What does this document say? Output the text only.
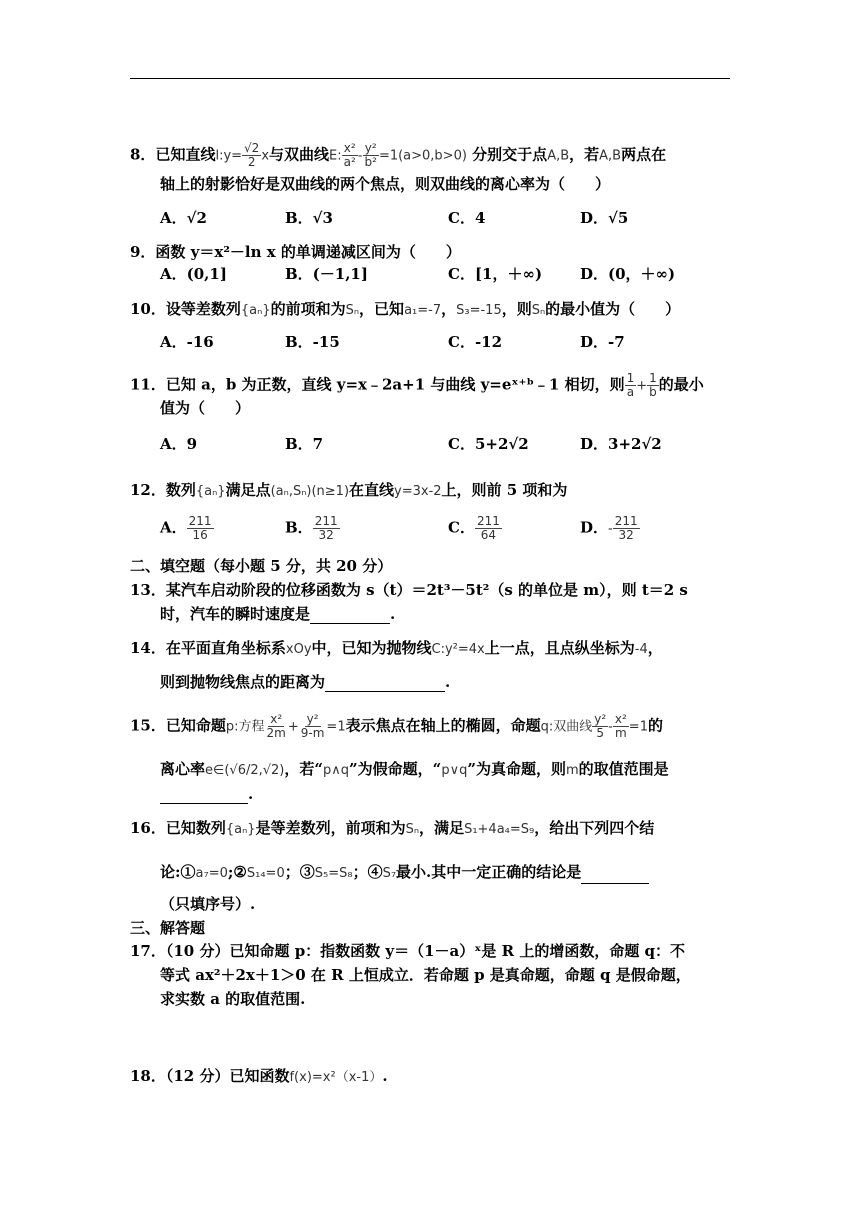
8．已知直线l:y= $\frac{√2}{2}$ x与双曲线E: $\frac{\text{x²}}{\text{a²}} - \frac{\text{y²}}{\text{b²}} =1(a>0,b>0)$ 分别交于点A,B，若A,B两点在
轴上的射影恰好是双曲线的两个焦点，则双曲线的离心率为（　　）
A．√2	B．√3	C．4	D．√5
9．函数 y＝x²－ln x 的单调递减区间为（　　）
A．(0,1]	B．(－1,1]	C．[1，＋∞)	D．(0，＋∞)
10．设等差数列{aₙ}的前项和为Sₙ，已知a₁=-7，S₃=-15，则Sₙ的最小值为（　　）
A．-16	B．-15	C．-12	D．-7
11．已知 a，b 为正数，直线 y=x﹣2a+1 与曲线 y=eˣ⁺ᵇ﹣1 相切，则 $\frac{1}{a} + \frac{1}{b}$ 的最小
值为（　　）
A．9	B．7	C．5+2√2	D．3+2√2
12．数列{aₙ}满足点(aₙ,Sₙ)(n≥1)在直线y=3x-2上，则前 5 项和为
A． $\frac{211}{16}$	B． $\frac{211}{32}$	C． $\frac{211}{64}$	D．- $\frac{211}{32}$
二、填空题（每小题 5 分，共 20 分）
13．某汽车启动阶段的位移函数为 s（t）＝2t³－5t²（s 的单位是 m），则 t＝2 s
时，汽车的瞬时速度是	.
14．在平面直角坐标系xOy中，已知为抛物线C:y²=4x上一点，且点纵坐标为-4，
则到抛物线焦点的距离为	.
15．已知命题p:方程 $\frac{\text{x²}}{2m} + \frac{\text{y²}}{9-m} =1$表示焦点在轴上的椭圆，命题q:双曲线 $\frac{\text{y²}}{5} - \frac{\text{x²}}{m} =1$的
离心率e∈(√6/2,√2)，若“p∧q”为假命题，“p∨q”为真命题，则m的取值范围是
.
16．已知数列{aₙ}是等差数列，前项和为Sₙ，满足S₁+4a₄=S₉，给出下列四个结
论:①a₇=0;②S₁₄=0；③S₅=S₈；④S₇最小.其中一定正确的结论是
（只填序号）.
三、解答题
17．（10 分）已知命题 p：指数函数 y＝（1－a）ˣ是 R 上的增函数，命题 q：不
等式 ax²＋2x＋1＞0 在 R 上恒成立．若命题 p 是真命题，命题 q 是假命题，
求实数 a 的取值范围.
18．（12 分）已知函数f(x)=x²（x-1）.
